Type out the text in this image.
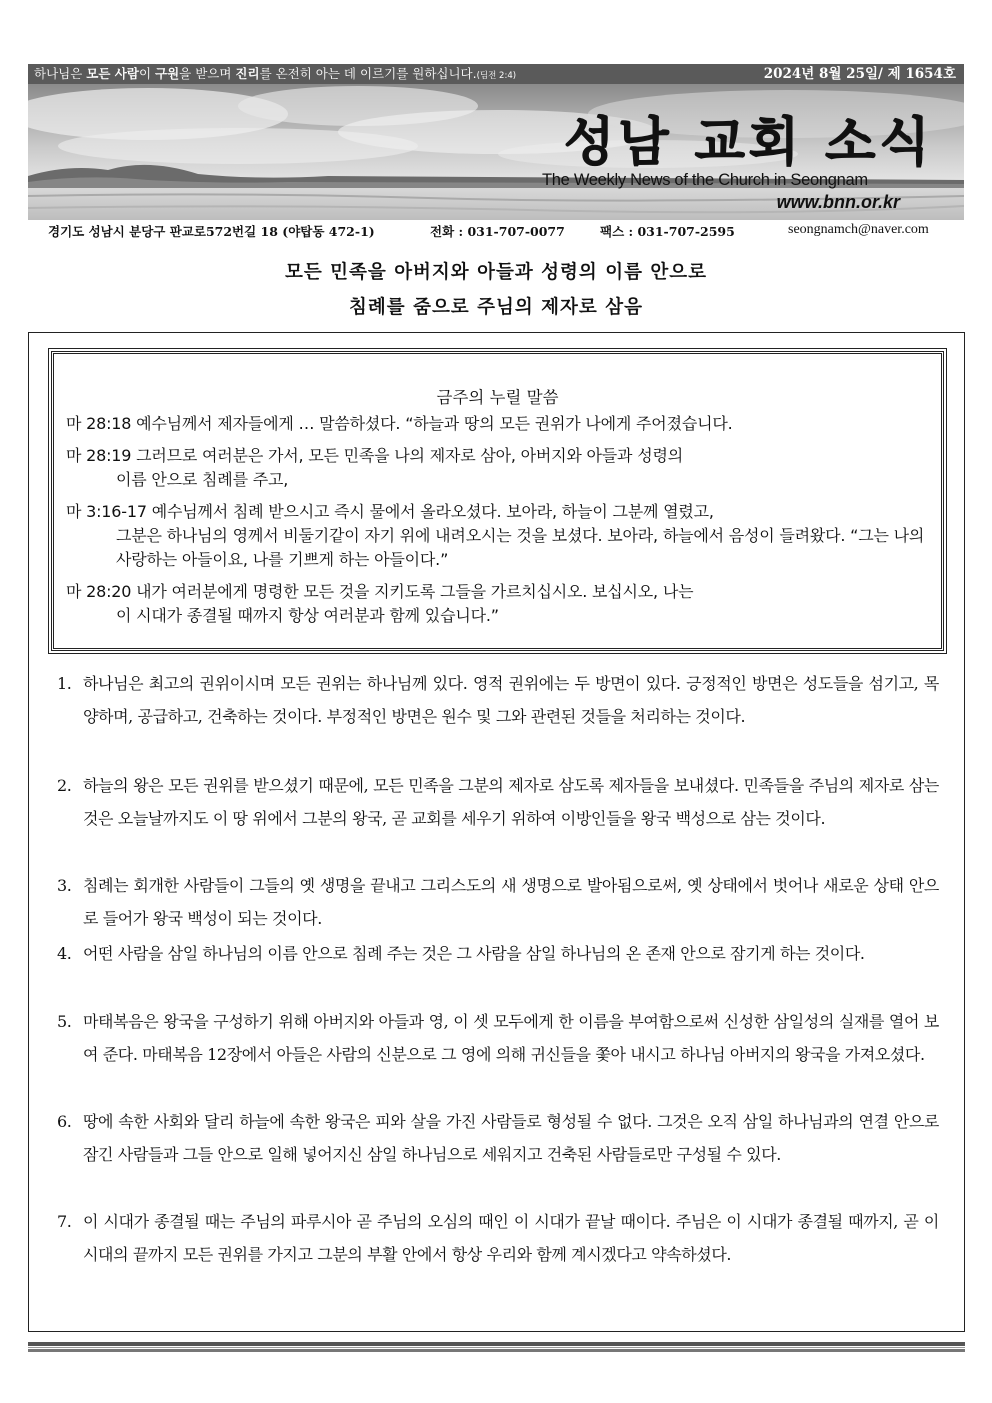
하나님은 모든 사람이 구원을 받으며 진리를 온전히 아는 데 이르기를 원하십니다.(딤전 2:4)	2024년 8월 25일/ 제 1654호
성남 교회 소식
The Weekly News of the Church in Seongnam
www.bnn.or.kr
경기도 성남시 분당구 판교로572번길 18 (야탑동 472-1)	전화 : 031-707-0077	팩스 : 031-707-2595	seongnamch@naver.com
모든 민족을 아버지와 아들과 성령의 이름 안으로
침례를 줌으로 주님의 제자로 삼음
금주의 누릴 말씀
마 28:18 예수님께서 제자들에게 … 말씀하셨다. “하늘과 땅의 모든 권위가 나에게 주어졌습니다.
마 28:19 그러므로 여러분은 가서, 모든 민족을 나의 제자로 삼아, 아버지와 아들과 성령의
이름 안으로 침례를 주고,
마 3:16-17 예수님께서 침례 받으시고 즉시 물에서 올라오셨다. 보아라, 하늘이 그분께 열렸고,
그분은 하나님의 영께서 비둘기같이 자기 위에 내려오시는 것을 보셨다. 보아라, 하늘에서 음성이 들려왔다. “그는 나의 사랑하는 아들이요, 나를 기쁘게 하는 아들이다.”
마 28:20 내가 여러분에게 명령한 모든 것을 지키도록 그들을 가르치십시오. 보십시오, 나는
이 시대가 종결될 때까지 항상 여러분과 함께 있습니다.”
1. 하나님은 최고의 권위이시며 모든 권위는 하나님께 있다. 영적 권위에는 두 방면이 있다. 긍정적인 방면은 성도들을 섬기고, 목양하며, 공급하고, 건축하는 것이다. 부정적인 방면은 원수 및 그와 관련된 것들을 처리하는 것이다.
2. 하늘의 왕은 모든 권위를 받으셨기 때문에, 모든 민족을 그분의 제자로 삼도록 제자들을 보내셨다. 민족들을 주님의 제자로 삼는 것은 오늘날까지도 이 땅 위에서 그분의 왕국, 곧 교회를 세우기 위하여 이방인들을 왕국 백성으로 삼는 것이다.
3. 침례는 회개한 사람들이 그들의 옛 생명을 끝내고 그리스도의 새 생명으로 발아됨으로써, 옛 상태에서 벗어나 새로운 상태 안으로 들어가 왕국 백성이 되는 것이다.
4. 어떤 사람을 삼일 하나님의 이름 안으로 침례 주는 것은 그 사람을 삼일 하나님의 온 존재 안으로 잠기게 하는 것이다.
5. 마태복음은 왕국을 구성하기 위해 아버지와 아들과 영, 이 셋 모두에게 한 이름을 부여함으로써 신성한 삼일성의 실재를 열어 보여 준다. 마태복음 12장에서 아들은 사람의 신분으로 그 영에 의해 귀신들을 쫓아 내시고 하나님 아버지의 왕국을 가져오셨다.
6. 땅에 속한 사회와 달리 하늘에 속한 왕국은 피와 살을 가진 사람들로 형성될 수 없다. 그것은 오직 삼일 하나님과의 연결 안으로 잠긴 사람들과 그들 안으로 일해 넣어지신 삼일 하나님으로 세워지고 건축된 사람들로만 구성될 수 있다.
7. 이 시대가 종결될 때는 주님의 파루시아 곧 주님의 오심의 때인 이 시대가 끝날 때이다. 주님은 이 시대가 종결될 때까지, 곧 이 시대의 끝까지 모든 권위를 가지고 그분의 부활 안에서 항상 우리와 함께 계시겠다고 약속하셨다.
